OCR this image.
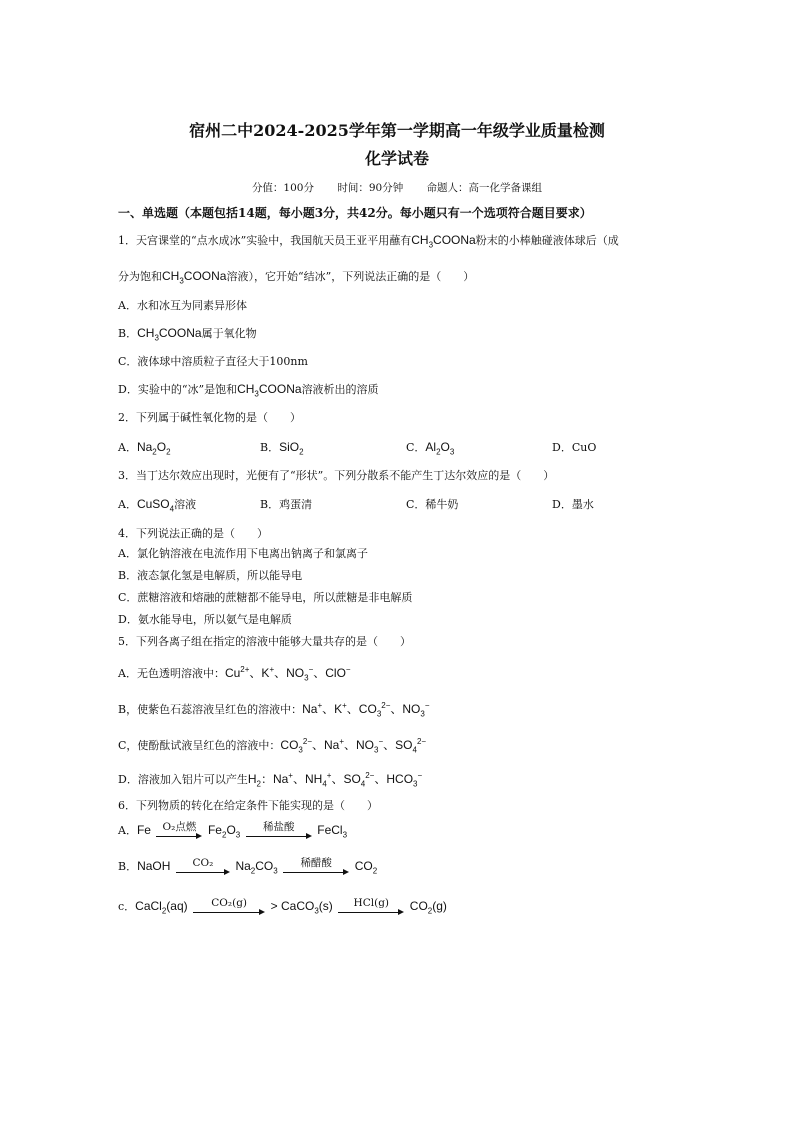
宿州二中2024-2025学年第一学期高一年级学业质量检测
化学试卷
分值：100分 时间：90分钟 命题人：高一化学备课组
一、单选题（本题包括14题，每小题3分，共42分。每小题只有一个选项符合题目要求）
1．天宫课堂的“点水成冰”实验中，我国航天员王亚平用蘸有$CH_3COONa$粉末的小棒触碰液体球后（成
分为饱和$CH_3COONa$溶液），它开始“结冰”，下列说法正确的是（　　）
A．水和冰互为同素异形体
B．$CH_3COONa$属于氧化物
C．液体球中溶质粒子直径大于100nm
D．实验中的“冰”是饱和$CH_3COONa$溶液析出的溶质
2．下列属于碱性氧化物的是（　　）
A．$Na_2O_2$	B．SiO$_2$	C．$Al_2O_3$	D．CuO
3．当丁达尔效应出现时，光便有了“形状”。下列分散系不能产生丁达尔效应的是（　　）
A．CuSO$_4$溶液	B．鸡蛋清	C．稀牛奶	D．墨水
4．下列说法正确的是（　　）
A．氯化钠溶液在电流作用下电离出钠离子和氯离子
B．液态氯化氢是电解质，所以能导电
C．蔗糖溶液和熔融的蔗糖都不能导电，所以蔗糖是非电解质
D．氨水能导电，所以氨气是电解质
5．下列各离子组在指定的溶液中能够大量共存的是（　　）
A．无色透明溶液中：$Cu^{2+}$、K+、$NO_3^-$、ClO−
B，使紫色石蕊溶液呈红色的溶液中：Na+、K+、$CO_3^{2-}$、$NO_3^-$
C，使酚酞试液呈红色的溶液中：$CO_3^{2-}$、Na+、$NO_3^-$、$SO_4^{2-}$
D．溶液加入铝片可以产生$H_2$：Na+、$NH_4^+$、$SO_4^{2-}$、$HCO_3^-$
6．下列物质的转化在给定条件下能实现的是（　　）
A．Fe	O₂点燃 $Fe_2O_3$
稀盐酸	FeCl$_3$
B．NaOH	CO₂	$Na_2CO_3$
稀醋酸	$CO_2$
c．CaCl$_2$(aq)	CO₂(g)	> CaCO$_3$(s)	HCl(g)	$CO_2(g)$
